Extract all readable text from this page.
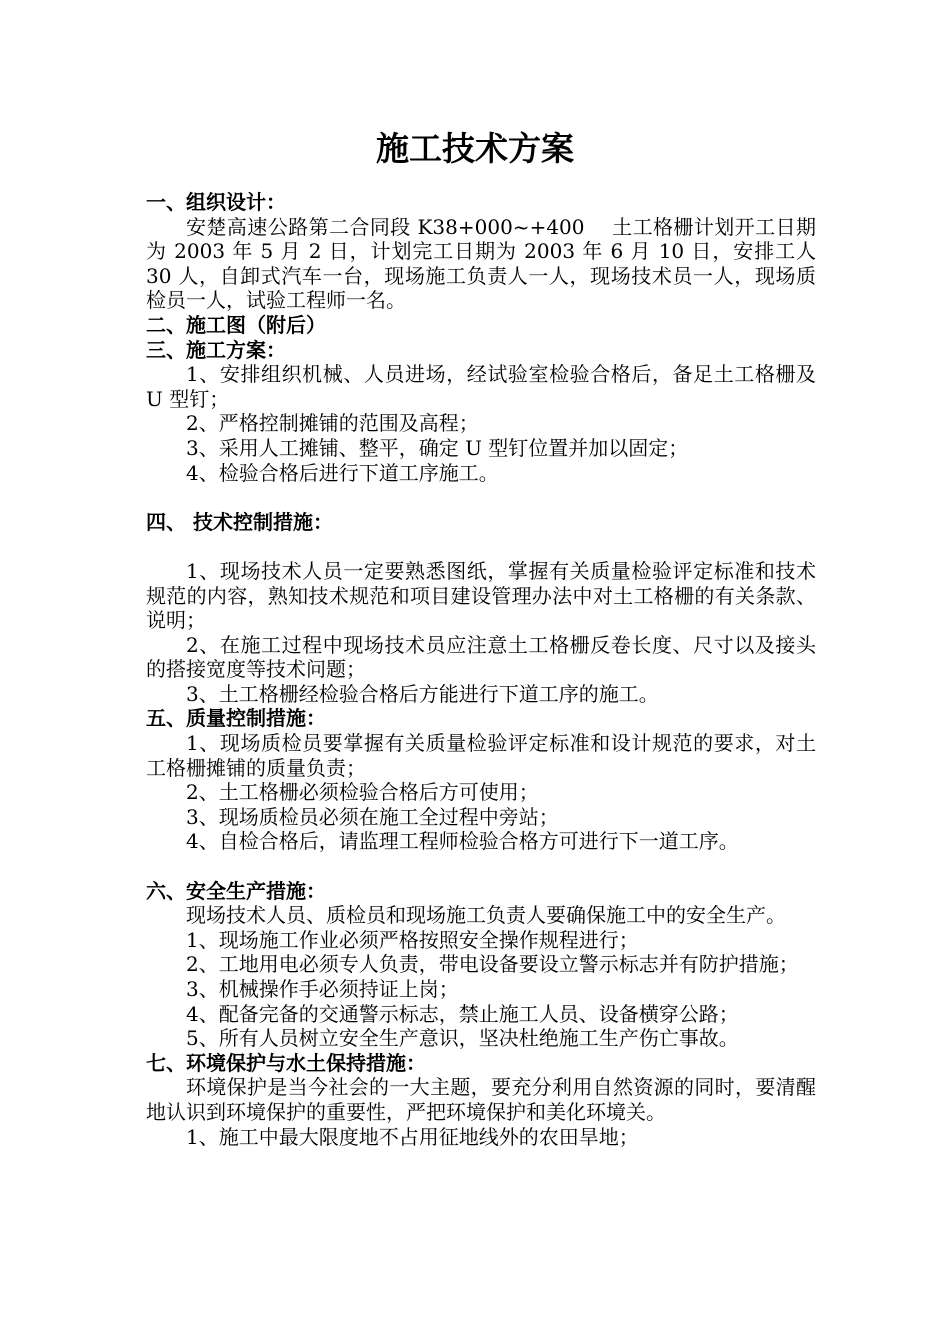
施工技术方案

一、组织设计：

安楚高速公路第二合同段 K38+000~+400　 土工格栅计划开工日期为 2003 年 5 月 2 日，计划完工日期为 2003 年 6 月 10 日，安排工人 30 人，自卸式汽车一台，现场施工负责人一人，现场技术员一人，现场质检员一人，试验工程师一名。

二、施工图（附后）

三、施工方案：

1、安排组织机械、人员进场，经试验室检验合格后，备足土工格栅及 U 型钉；

2、严格控制摊铺的范围及高程；

3、采用人工摊铺、整平，确定 U 型钉位置并加以固定；

4、检验合格后进行下道工序施工。

四、 技术控制措施：

1、现场技术人员一定要熟悉图纸，掌握有关质量检验评定标准和技术规范的内容，熟知技术规范和项目建设管理办法中对土工格栅的有关条款、说明；

2、在施工过程中现场技术员应注意土工格栅反卷长度、尺寸以及接头的搭接宽度等技术问题；

3、土工格栅经检验合格后方能进行下道工序的施工。

五、质量控制措施：

1、现场质检员要掌握有关质量检验评定标准和设计规范的要求，对土工格栅摊铺的质量负责；

2、土工格栅必须检验合格后方可使用；

3、现场质检员必须在施工全过程中旁站；

4、自检合格后，请监理工程师检验合格方可进行下一道工序。

六、安全生产措施：

现场技术人员、质检员和现场施工负责人要确保施工中的安全生产。

1、现场施工作业必须严格按照安全操作规程进行；

2、工地用电必须专人负责，带电设备要设立警示标志并有防护措施；

3、机械操作手必须持证上岗；

4、配备完备的交通警示标志，禁止施工人员、设备横穿公路；

5、所有人员树立安全生产意识，坚决杜绝施工生产伤亡事故。

七、环境保护与水土保持措施：

环境保护是当今社会的一大主题，要充分利用自然资源的同时，要清醒地认识到环境保护的重要性，严把环境保护和美化环境关。

1、施工中最大限度地不占用征地线外的农田旱地；
